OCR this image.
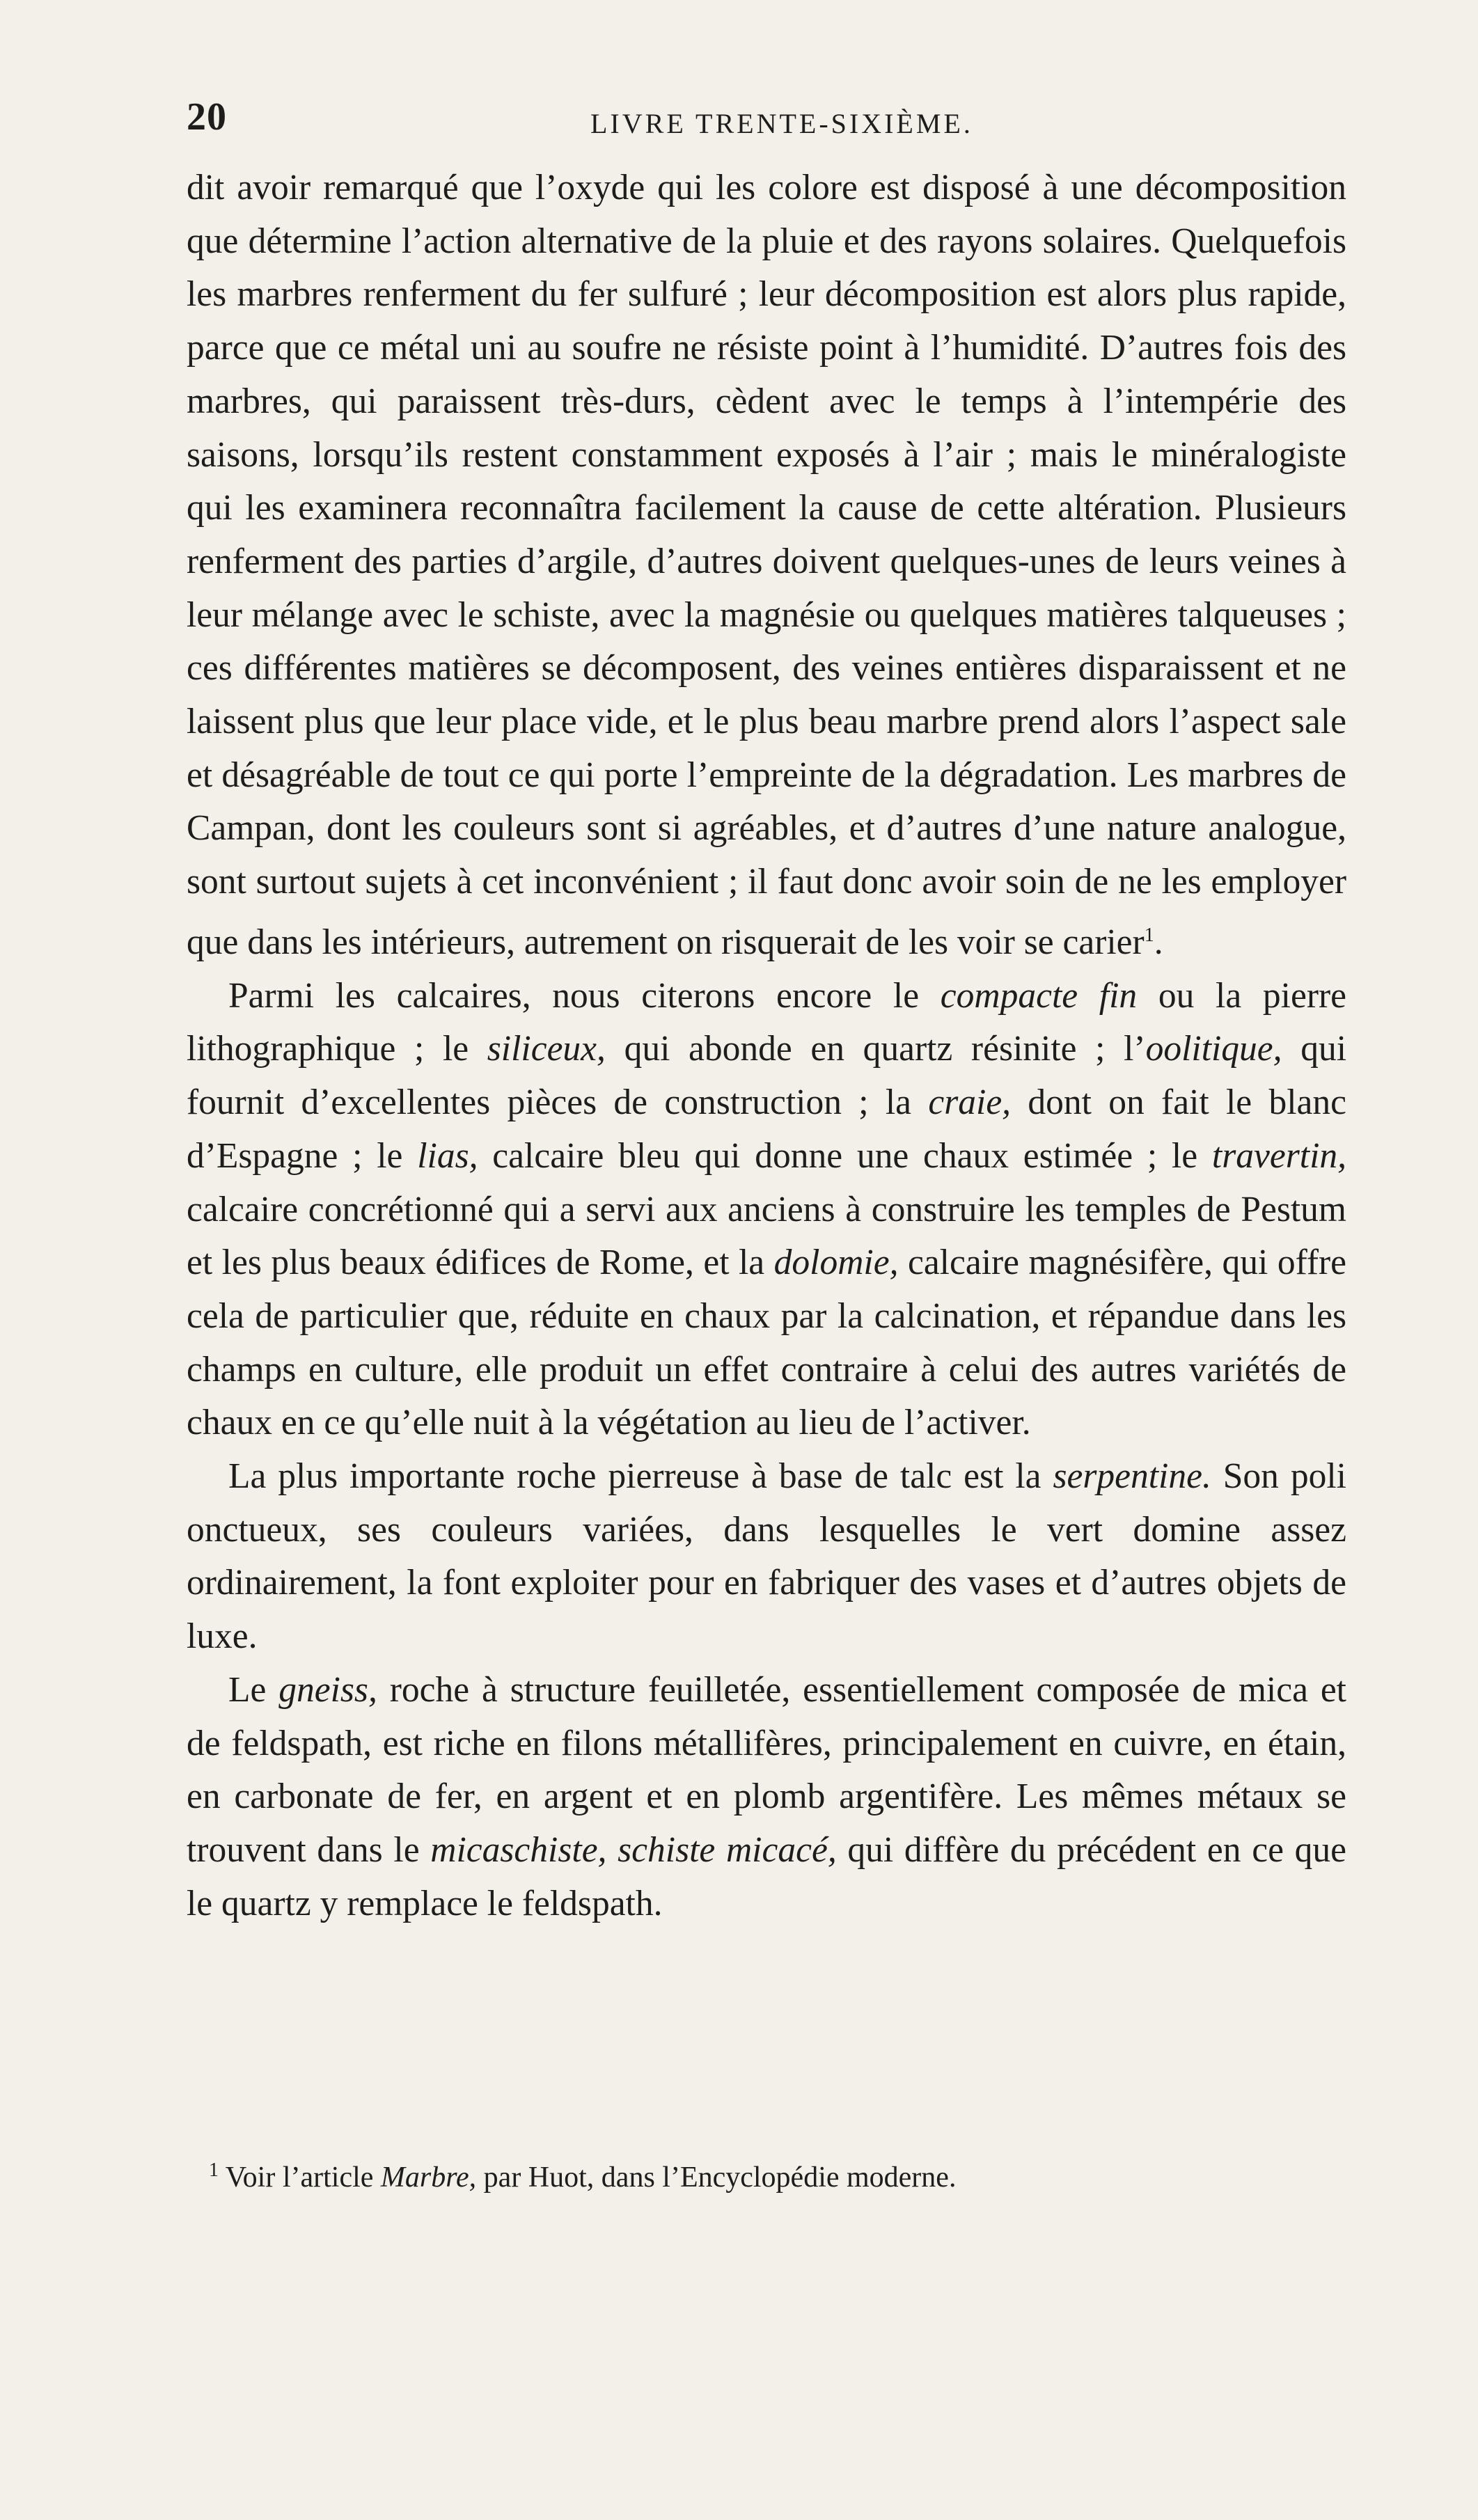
20	LIVRE TRENTE-SIXIÈME.

dit avoir remarqué que l’oxyde qui les colore est disposé à une décomposition que détermine l’action alternative de la pluie et des rayons solaires. Quelquefois les marbres renferment du fer sulfuré ; leur décomposition est alors plus rapide, parce que ce métal uni au soufre ne résiste point à l’humidité. D’autres fois des marbres, qui paraissent très-durs, cèdent avec le temps à l’intempérie des saisons, lorsqu’ils restent constamment exposés à l’air ; mais le minéralogiste qui les examinera reconnaîtra facilement la cause de cette altération. Plusieurs renferment des parties d’argile, d’autres doivent quelques-unes de leurs veines à leur mélange avec le schiste, avec la magnésie ou quelques matières talqueuses ; ces différentes matières se décomposent, des veines entières disparaissent et ne laissent plus que leur place vide, et le plus beau marbre prend alors l’aspect sale et désagréable de tout ce qui porte l’empreinte de la dégradation. Les marbres de Campan, dont les couleurs sont si agréables, et d’autres d’une nature analogue, sont surtout sujets à cet inconvénient ; il faut donc avoir soin de ne les employer que dans les intérieurs, autrement on risquerait de les voir se carier$^1$.

Parmi les calcaires, nous citerons encore le compacte fin ou la pierre lithographique ; le siliceux, qui abonde en quartz résinite ; l’oolitique, qui fournit d’excellentes pièces de construction ; la craie, dont on fait le blanc d’Espagne ; le lias, calcaire bleu qui donne une chaux estimée ; le travertin, calcaire concrétionné qui a servi aux anciens à construire les temples de Pestum et les plus beaux édifices de Rome, et la dolomie, calcaire magnésifère, qui offre cela de particulier que, réduite en chaux par la calcination, et répandue dans les champs en culture, elle produit un effet contraire à celui des autres variétés de chaux en ce qu’elle nuit à la végétation au lieu de l’activer.

La plus importante roche pierreuse à base de talc est la serpentine. Son poli onctueux, ses couleurs variées, dans lesquelles le vert domine assez ordinairement, la font exploiter pour en fabriquer des vases et d’autres objets de luxe.

Le gneiss, roche à structure feuilletée, essentiellement composée de mica et de feldspath, est riche en filons métallifères, principalement en cuivre, en étain, en carbonate de fer, en argent et en plomb argentifère. Les mêmes métaux se trouvent dans le micaschiste, schiste micacé, qui diffère du précédent en ce que le quartz y remplace le feldspath.

$^1$ Voir l’article Marbre, par Huot, dans l’Encyclopédie moderne.
